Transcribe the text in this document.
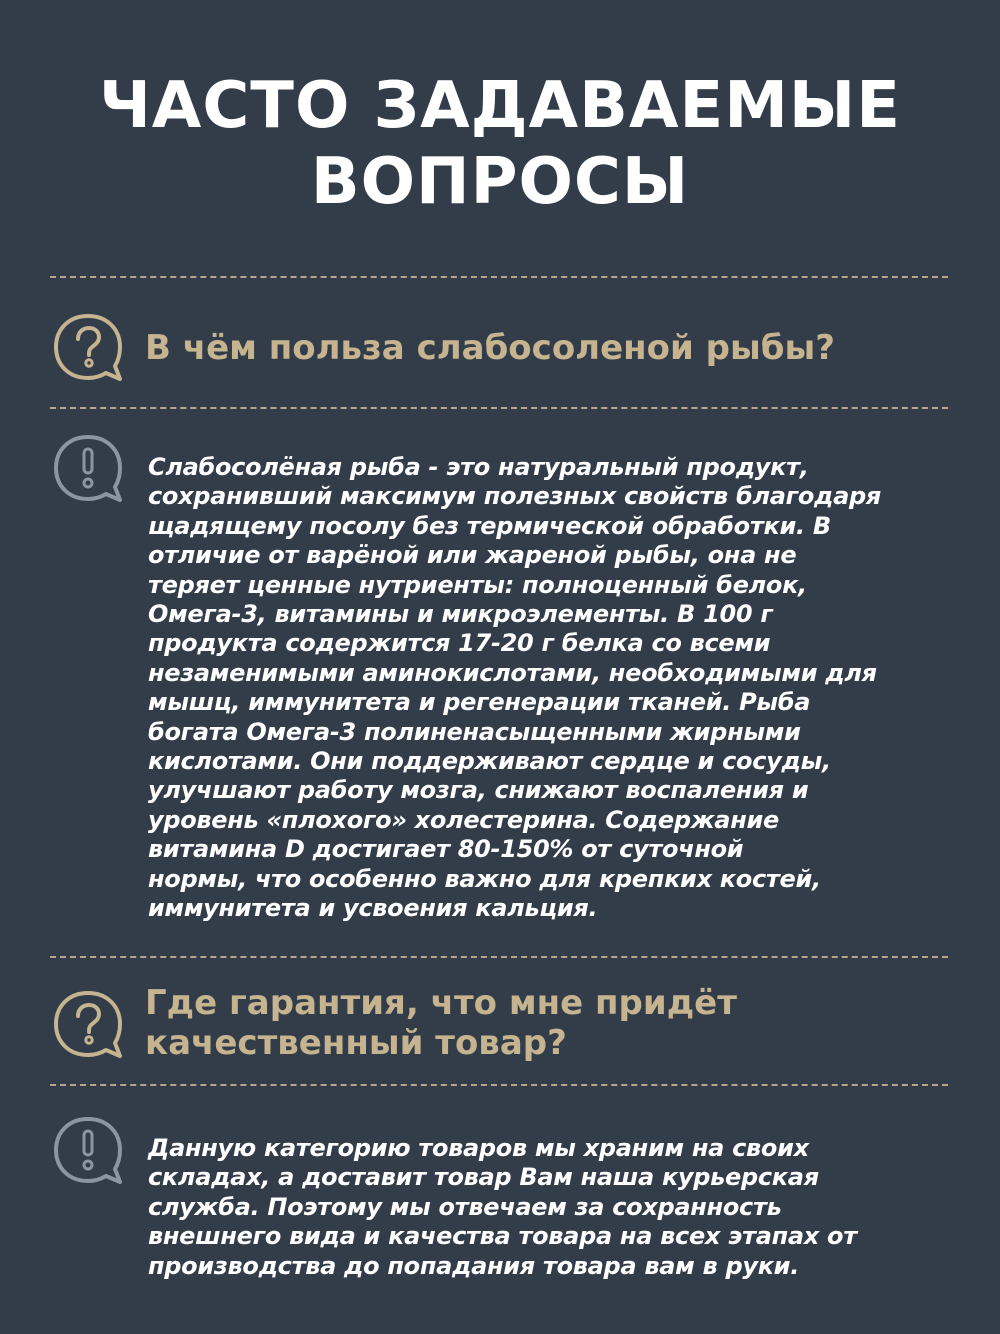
ЧАСТО ЗАДАВАЕМЫЕ
ВОПРОСЫ
В чём польза слабосоленой рыбы?

Слабосолёная рыба - это натуральный продукт,
сохранивший максимум полезных свойств благодаря
щадящему посолу без термической обработки. В
отличие от варёной или жареной рыбы, она не
теряет ценные нутриенты: полноценный белок,
Омега-3, витамины и микроэлементы. В 100 г
продукта содержится 17-20 г белка со всеми
незаменимыми аминокислотами, необходимыми для
мышц, иммунитета и регенерации тканей. Рыба
богата Омега-3 полиненасыщенными жирными
кислотами. Они поддерживают сердце и сосуды,
улучшают работу мозга, снижают воспаления и
уровень «плохого» холестерина. Содержание
витамина D достигает 80-150% от суточной
нормы, что особенно важно для крепких костей,
иммунитета и усвоения кальция.

Где гарантия, что мне придёт
качественный товар?

Данную категорию товаров мы храним на своих
складах, а доставит товар Вам наша курьерская
служба. Поэтому мы отвечаем за сохранность
внешнего вида и качества товара на всех этапах от
производства до попадания товара вам в руки.
